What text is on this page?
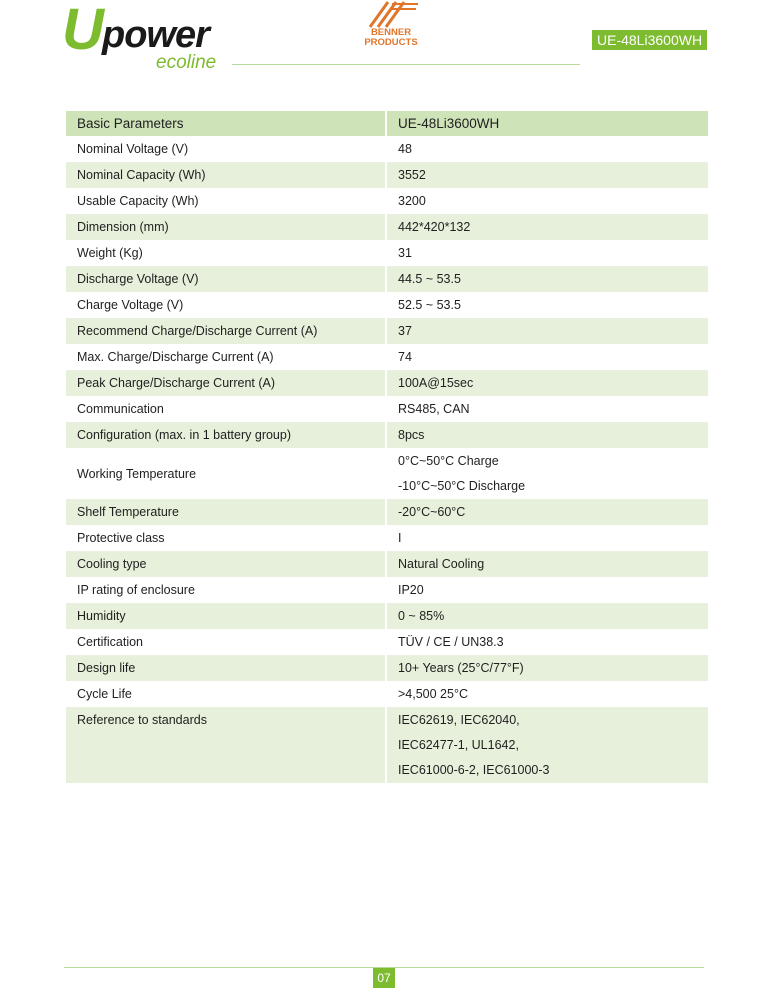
U power
ecoline
BENNER
PRODUCTS	UE-48Li3600WH
Basic Parameters	UE-48Li3600WH
Nominal Voltage (V)	48

Nominal Capacity (Wh)	3552

Usable Capacity (Wh)	3200

Dimension (mm)	442*420*132

Weight (Kg)	31

Discharge Voltage (V)	44.5 ~ 53.5

Charge Voltage (V)	52.5 ~ 53.5

Recommend Charge/Discharge Current (A)	37

Max. Charge/Discharge Current (A)	74

Peak Charge/Discharge Current (A)	100A@15sec

Communication	RS485, CAN

Configuration (max. in 1 battery group)	8pcs

Working Temperature	0°C~50°C Charge
-10°C~50°C Discharge

Shelf Temperature	-20°C~60°C

Protective class	I

Cooling type	Natural Cooling

IP rating of enclosure	IP20

Humidity	0 ~ 85%

Certification	TÜV / CE / UN38.3

Design life	10+ Years (25°C/77°F)

Cycle Life	>4,500 25°C

Reference to standards	IEC62619, IEC62040,
IEC62477-1, UL1642,
IEC61000-6-2, IEC61000-3
07
